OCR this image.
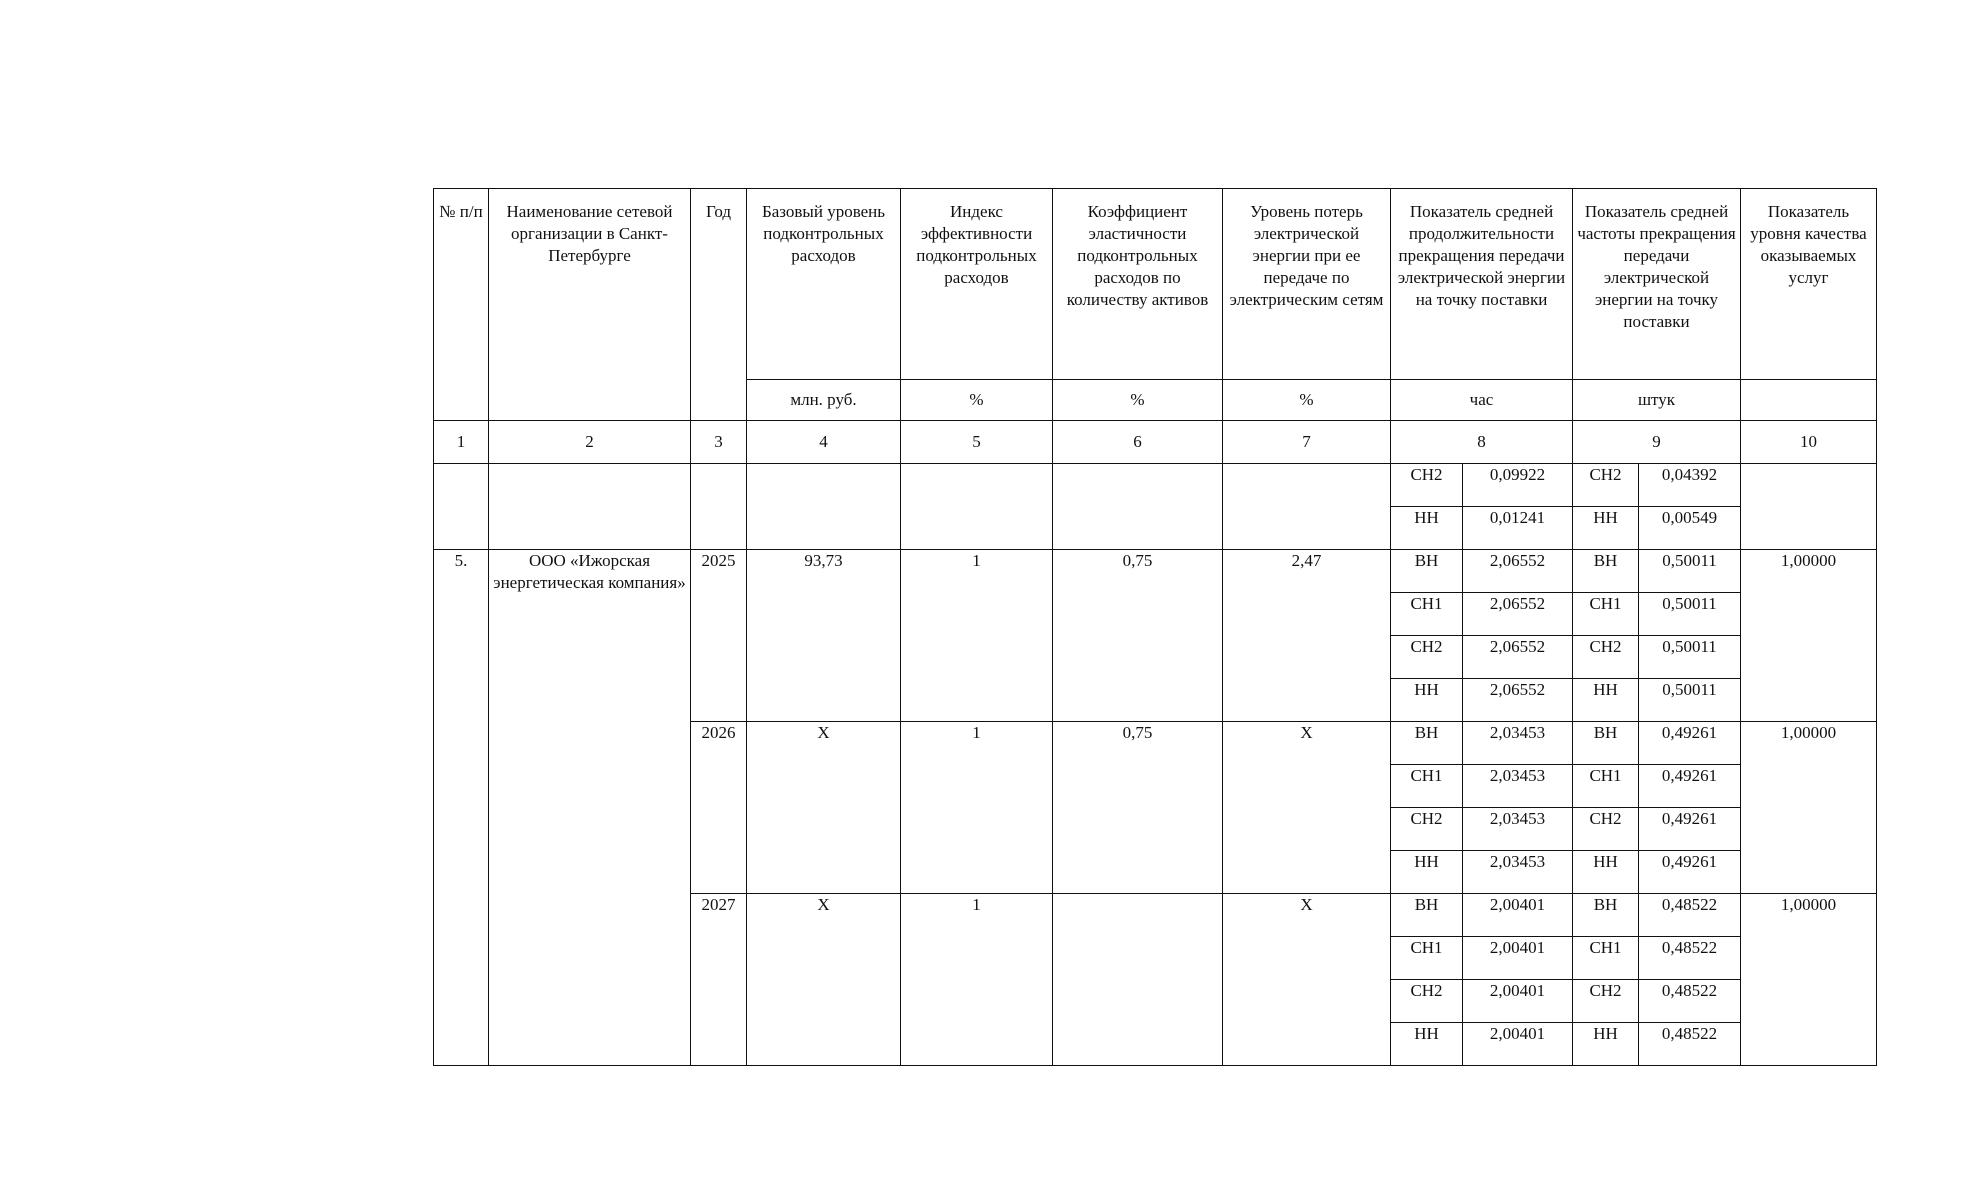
№ п/п	Наименование сетевой организации в Санкт-Петербурге	Год	Базовый уровень подконтрольных расходов	Индекс эффективности подконтрольных расходов	Коэффициент эластичности подконтрольных расходов по количеству активов	Уровень потерь электрической энергии при ее передаче по электрическим сетям	Показатель средней продолжительности прекращения передачи электрической энергии на точку поставки		Показатель средней частоты прекращения передачи электрической энергии на точку поставки		Показатель уровня качества оказываемых услуг
			млн. руб.	%	%	%	час		штук		
1	2	3	4	5	6	7	8		9		10
							СН2	0,09922	СН2	0,04392	
							НН	0,01241	НН	0,00549	
5.	ООО «Ижорская энергетическая компания»	2025	93,73	1	0,75	2,47	ВН	2,06552	ВН	0,50011	1,00000
							СН1	2,06552	СН1	0,50011	
							СН2	2,06552	СН2	0,50011	
							НН	2,06552	НН	0,50011	
		2026	X	1	0,75	X	ВН	2,03453	ВН	0,49261	1,00000
							СН1	2,03453	СН1	0,49261	
							СН2	2,03453	СН2	0,49261	
							НН	2,03453	НН	0,49261	
		2027	X	1		X	ВН	2,00401	ВН	0,48522	1,00000
							СН1	2,00401	СН1	0,48522	
							СН2	2,00401	СН2	0,48522	
							НН	2,00401	НН	0,48522	
